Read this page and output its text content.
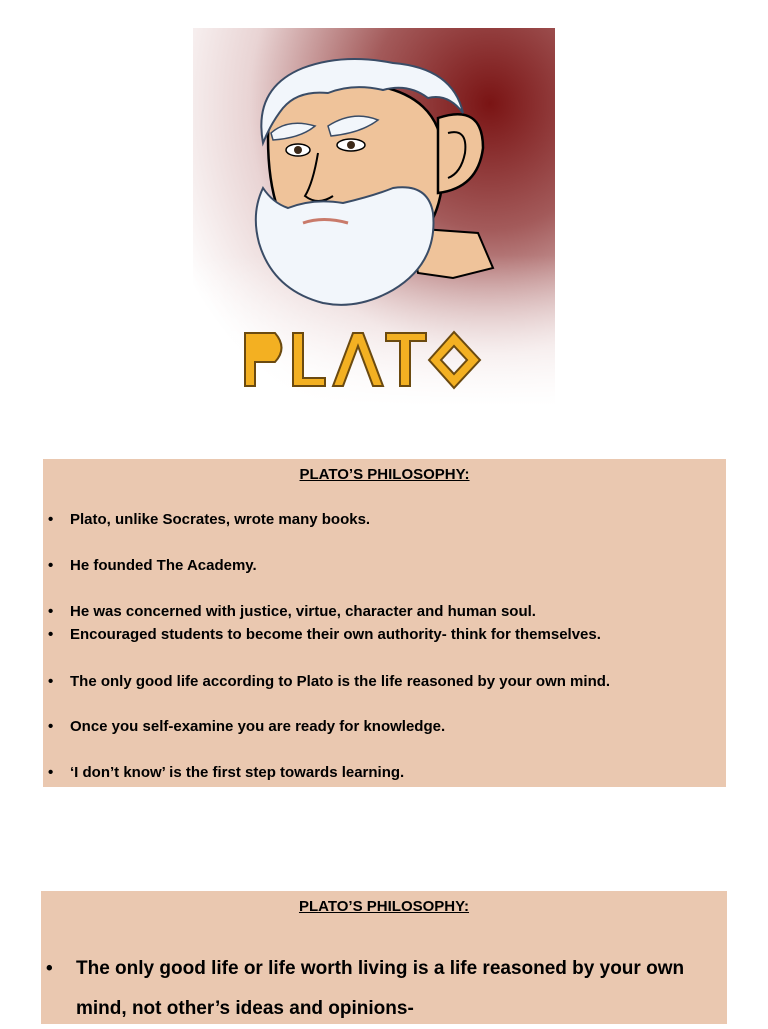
PLATO’S PHILOSOPHY:

• Plato, unlike Socrates, wrote many books.
• He founded The Academy.
• He was concerned with justice, virtue, character and human soul.
• Encouraged students to become their own authority- think for themselves.
• The only good life according to Plato is the life reasoned by your own mind.
• Once you self-examine you are ready for knowledge.
• ‘I don’t know’ is the first step towards learning.

PLATO’S PHILOSOPHY:

• The only good life or life worth living is a life reasoned by your own mind, not other’s ideas and opinions-
